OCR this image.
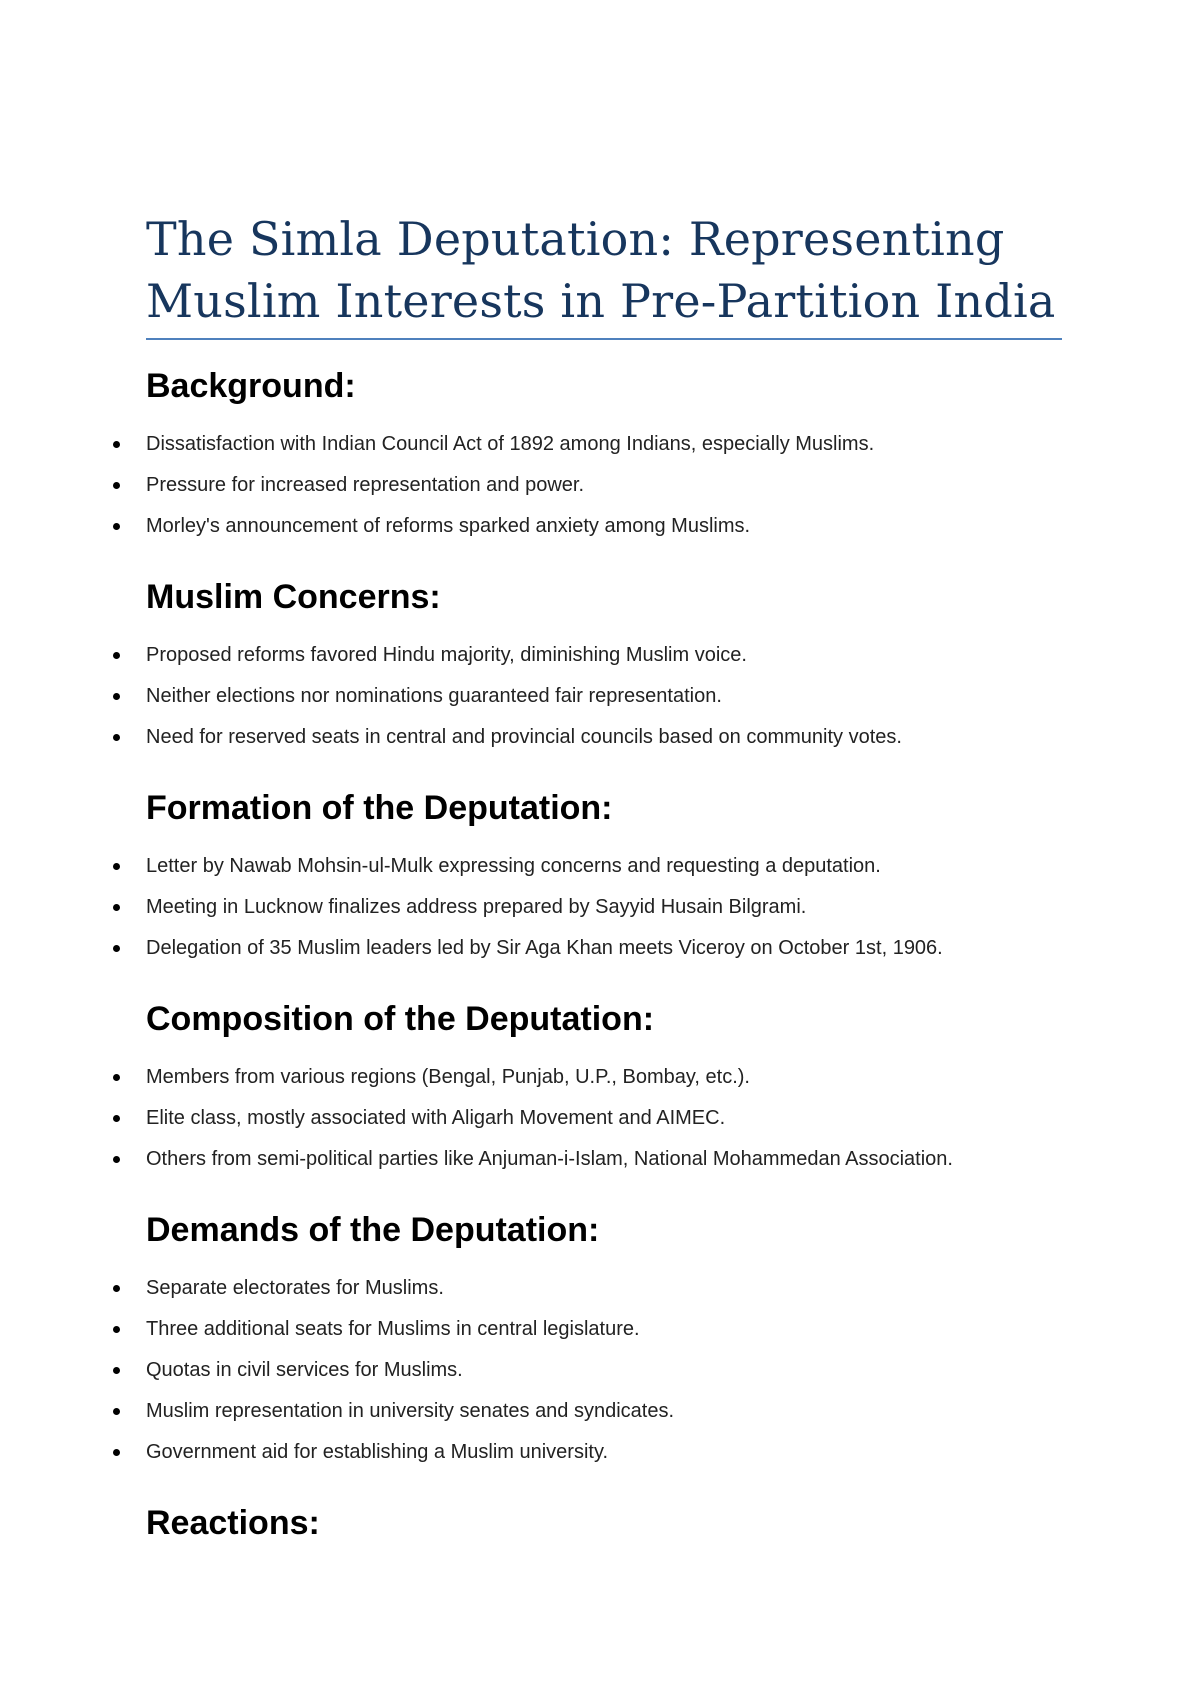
The Simla Deputation: Representing
Muslim Interests in Pre-Partition India
Background:
Dissatisfaction with Indian Council Act of 1892 among Indians, especially Muslims.
Pressure for increased representation and power.
Morley's announcement of reforms sparked anxiety among Muslims.
Muslim Concerns:
Proposed reforms favored Hindu majority, diminishing Muslim voice.
Neither elections nor nominations guaranteed fair representation.
Need for reserved seats in central and provincial councils based on community votes.
Formation of the Deputation:
Letter by Nawab Mohsin-ul-Mulk expressing concerns and requesting a deputation.
Meeting in Lucknow finalizes address prepared by Sayyid Husain Bilgrami.
Delegation of 35 Muslim leaders led by Sir Aga Khan meets Viceroy on October 1st, 1906.
Composition of the Deputation:
Members from various regions (Bengal, Punjab, U.P., Bombay, etc.).
Elite class, mostly associated with Aligarh Movement and AIMEC.
Others from semi-political parties like Anjuman-i-Islam, National Mohammedan Association.
Demands of the Deputation:
Separate electorates for Muslims.
Three additional seats for Muslims in central legislature.
Quotas in civil services for Muslims.
Muslim representation in university senates and syndicates.
Government aid for establishing a Muslim university.
Reactions:
